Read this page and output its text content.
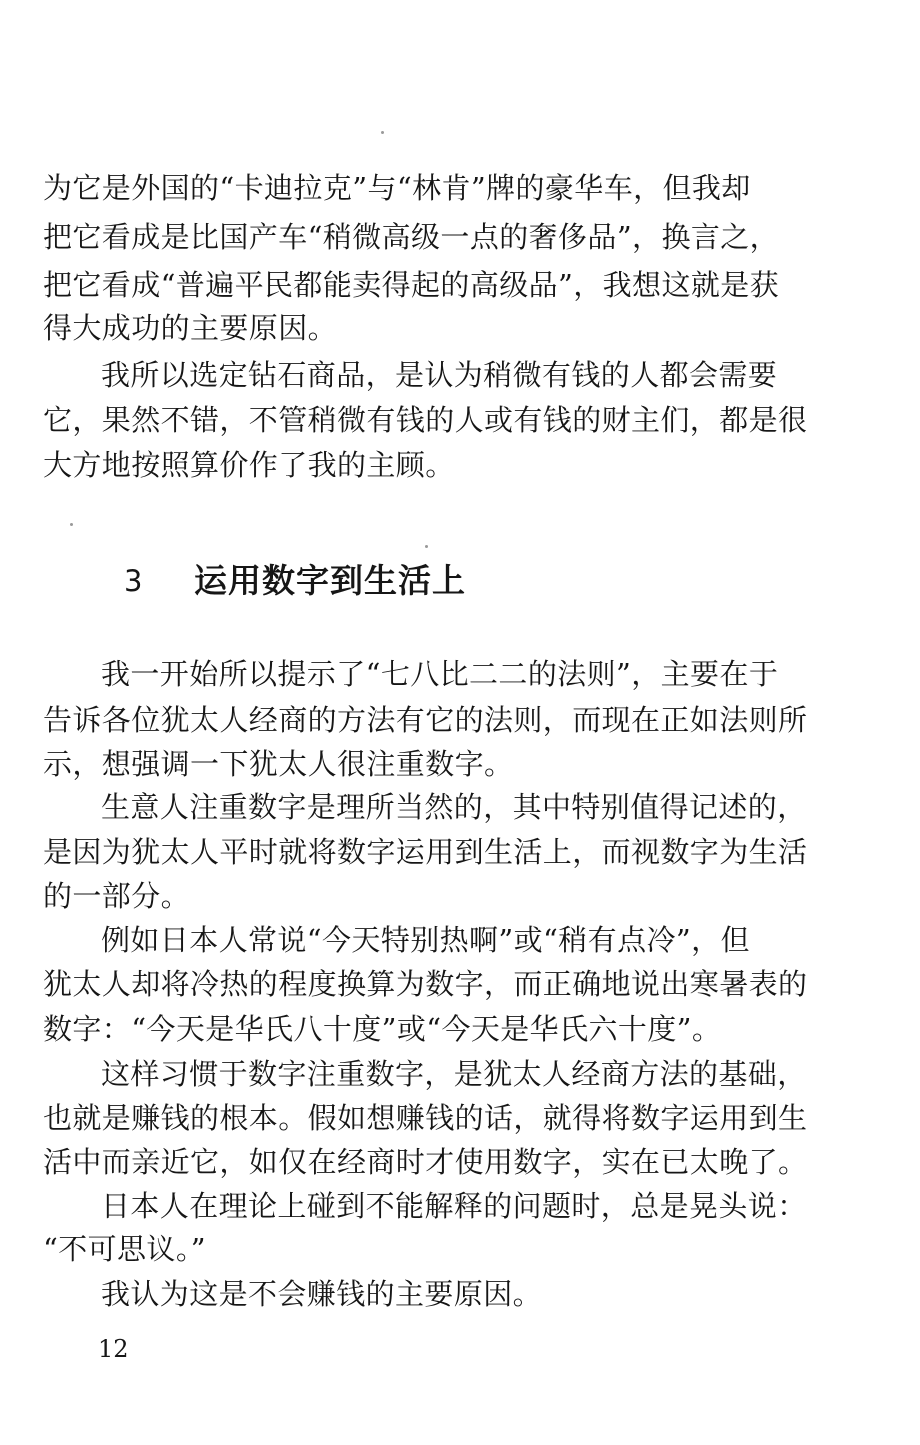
为它是外国的“卡迪拉克”与“林肯”牌的豪华车，但我却
把它看成是比国产车“稍微高级一点的奢侈品”，换言之，
把它看成“普遍平民都能卖得起的高级品”，我想这就是获
得大成功的主要原因。
我所以选定钻石商品，是认为稍微有钱的人都会需要
它，果然不错，不管稍微有钱的人或有钱的财主们，都是很
大方地按照算价作了我的主顾。
3 运用数字到生活上
我一开始所以提示了“七八比二二的法则”，主要在于
告诉各位犹太人经商的方法有它的法则，而现在正如法则所
示，想强调一下犹太人很注重数字。
生意人注重数字是理所当然的，其中特别值得记述的，
是因为犹太人平时就将数字运用到生活上，而视数字为生活
的一部分。
例如日本人常说“今天特别热啊”或“稍有点冷”，但
犹太人却将冷热的程度换算为数字，而正确地说出寒暑表的
数字：“今天是华氏八十度”或“今天是华氏六十度”。
这样习惯于数字注重数字，是犹太人经商方法的基础，
也就是赚钱的根本。假如想赚钱的话，就得将数字运用到生
活中而亲近它，如仅在经商时才使用数字，实在已太晚了。
日本人在理论上碰到不能解释的问题时，总是晃头说：
“不可思议。”
我认为这是不会赚钱的主要原因。
12
